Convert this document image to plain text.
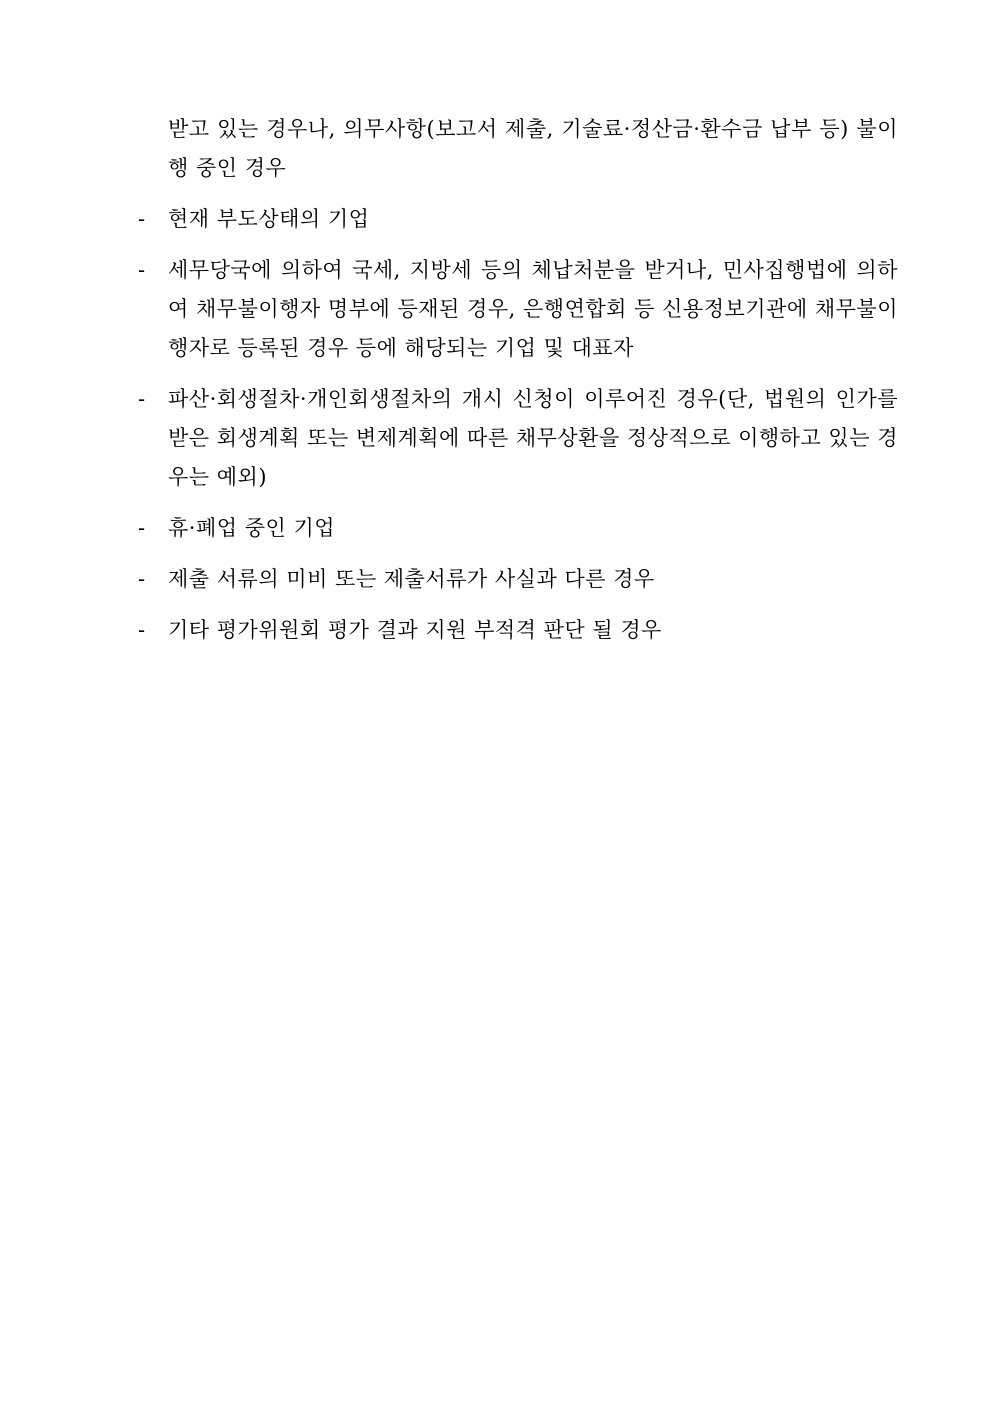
받고 있는 경우나, 의무사항(보고서 제출, 기술료·정산금·환수금 납부 등) 불이행 중인 경우
-	현재 부도상태의 기업
-	세무당국에 의하여 국세, 지방세 등의 체납처분을 받거나, 민사집행법에 의하여 채무불이행자 명부에 등재된 경우, 은행연합회 등 신용정보기관에 채무불이행자로 등록된 경우 등에 해당되는 기업 및 대표자
-	파산·회생절차·개인회생절차의 개시 신청이 이루어진 경우(단, 법원의 인가를 받은 회생계획 또는 변제계획에 따른 채무상환을 정상적으로 이행하고 있는 경우는 예외)
-	휴·폐업 중인 기업
-	제출 서류의 미비 또는 제출서류가 사실과 다른 경우
-	기타 평가위원회 평가 결과 지원 부적격 판단 될 경우
